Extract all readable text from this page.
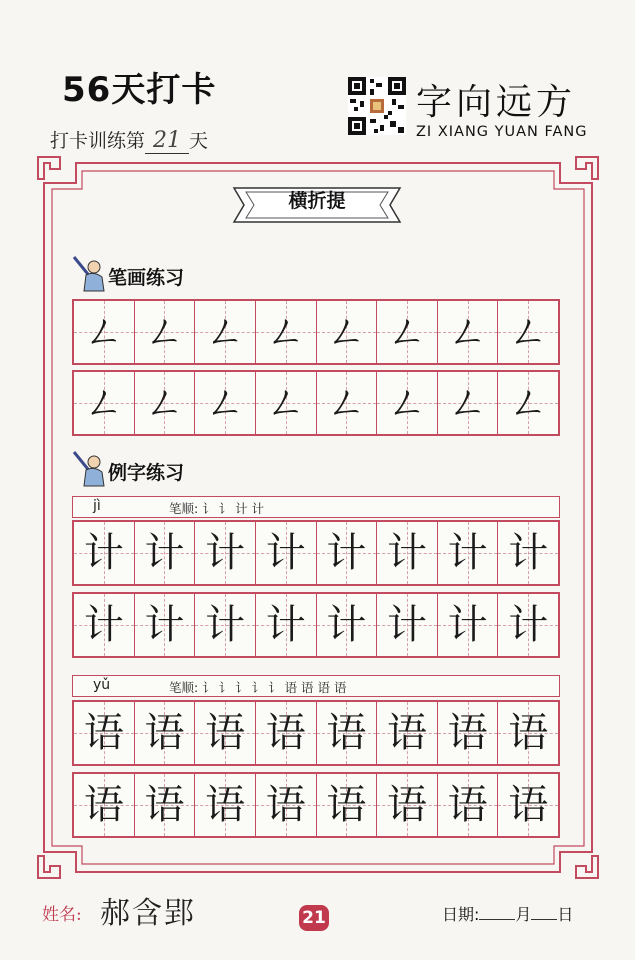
56天打卡
打卡训练第 21 天
字向远方
ZI XIANG YUAN FANG
横折提
笔画练习
ㄥ ㄥ ㄥ ㄥ ㄥ ㄥ ㄥ ㄥ
ㄥ ㄥ ㄥ ㄥ ㄥ ㄥ ㄥ ㄥ
例字练习
jì	笔顺: 讠 讠 计 计
计 计 计 计 计 计 计 计
计 计 计 计 计 计 计 计
yǔ	笔顺: 讠 讠 讠 讠 讠 语 语 语 语
语 语 语 语 语 语 语 语
语 语 语 语 语 语 语 语
姓名: 郝含郢	21	日期: 月 日
